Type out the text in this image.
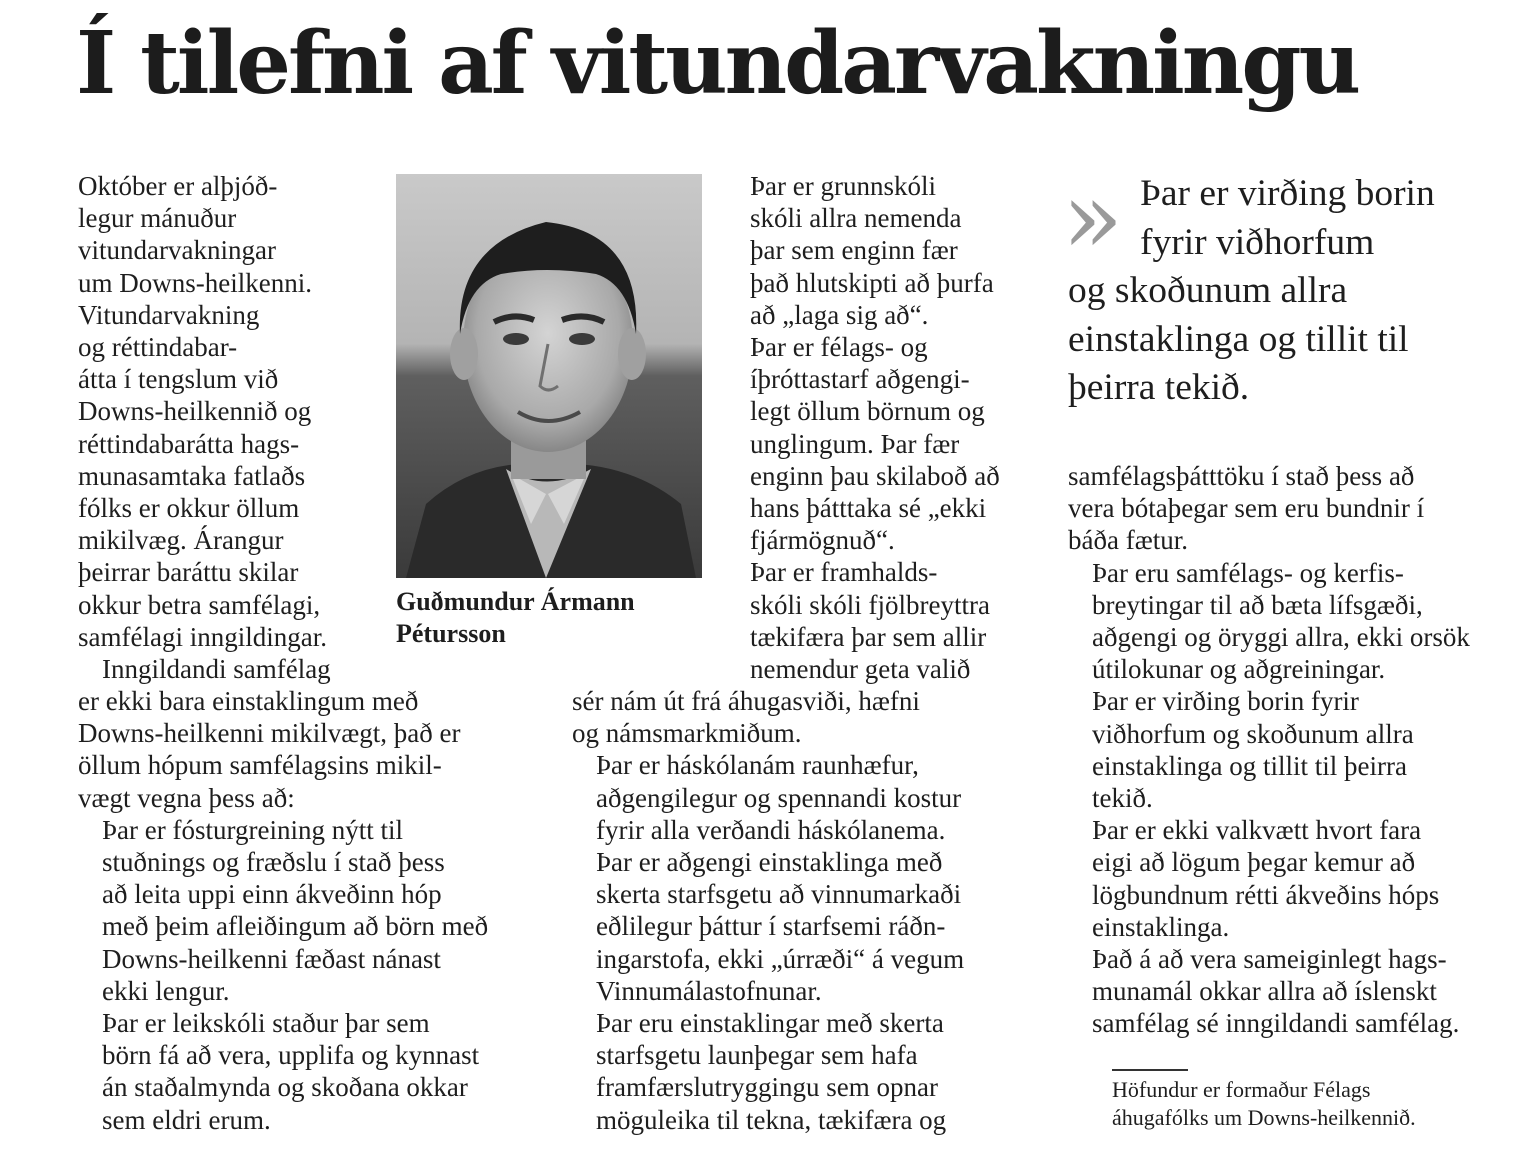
Í tilefni af vitundarvakningu

Október er alþjóð-
legur mánuður
vitundarvakningar
um Downs-heilkenni.
Vitundarvakning
og réttindabar-
átta í tengslum við
Downs-heilkennið og
réttindabarátta hags-
munasamtaka fatlaðs
fólks er okkur öllum
mikilvæg. Árangur
þeirrar baráttu skilar
okkur betra samfélagi,
samfélagi inngildingar.

Inngildandi samfélag

er ekki bara einstaklingum með
Downs-heilkenni mikilvægt, það er
öllum hópum samfélagsins mikil-
vægt vegna þess að:

Þar er fósturgreining nýtt til
stuðnings og fræðslu í stað þess
að leita uppi einn ákveðinn hóp
með þeim afleiðingum að börn með
Downs-heilkenni fæðast nánast
ekki lengur.

Þar er leikskóli staður þar sem
börn fá að vera, upplifa og kynnast
án staðalmynda og skoðana okkar
sem eldri erum.

Guðmundur Ármann
Pétursson

Þar er grunnskóli
skóli allra nemenda
þar sem enginn fær
það hlutskipti að þurfa
að „laga sig að“.

Þar er félags- og
íþróttastarf aðgengi-
legt öllum börnum og
unglingum. Þar fær
enginn þau skilaboð að
hans þátttaka sé „ekki
fjármögnuð“.

Þar er framhalds-
skóli skóli fjölbreyttra
tækifæra þar sem allir
nemendur geta valið

sér nám út frá áhugasviði, hæfni
og námsmarkmiðum.

Þar er háskólanám raunhæfur,
aðgengilegur og spennandi kostur
fyrir alla verðandi háskólanema.

Þar er aðgengi einstaklinga með
skerta starfsgetu að vinnumarkaði
eðlilegur þáttur í starfsemi ráðn-
ingarstofa, ekki „úrræði“ á vegum
Vinnumálastofnunar.

Þar eru einstaklingar með skerta
starfsgetu launþegar sem hafa
framfærslutryggingu sem opnar
möguleika til tekna, tækifæra og

»	Þar er virðing borin
fyrir viðhorfum
og skoðunum allra
einstaklinga og tillit til
þeirra tekið.

samfélagsþátttöku í stað þess að
vera bótaþegar sem eru bundnir í
báða fætur.

Þar eru samfélags- og kerfis-
breytingar til að bæta lífsgæði,
aðgengi og öryggi allra, ekki orsök
útilokunar og aðgreiningar.

Þar er virðing borin fyrir
viðhorfum og skoðunum allra
einstaklinga og tillit til þeirra
tekið.

Þar er ekki valkvætt hvort fara
eigi að lögum þegar kemur að
lögbundnum rétti ákveðins hóps
einstaklinga.

Það á að vera sameiginlegt hags-
munamál okkar allra að íslenskt
samfélag sé inngildandi samfélag.

Höfundur er formaður Félags
áhugafólks um Downs-heilkennið.
